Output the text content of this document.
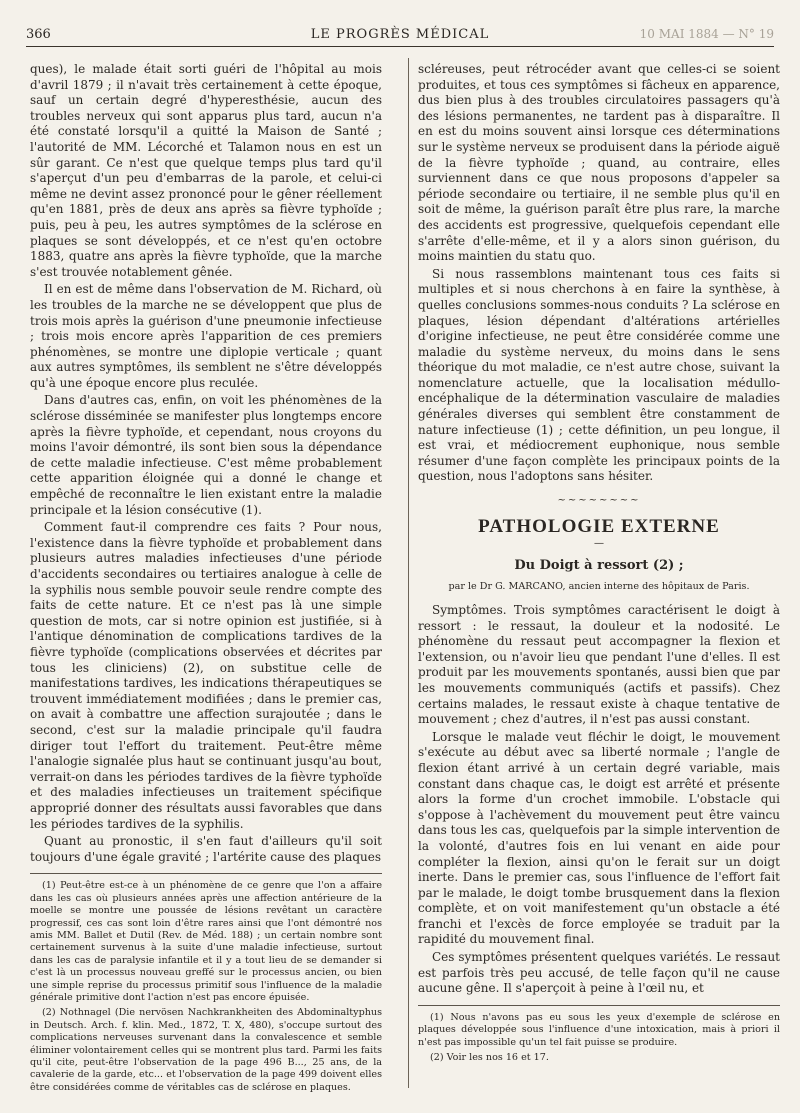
366	LE PROGRÈS MÉDICAL	10 MAI 1884 — N° 19

ques), le malade était sorti guéri de l'hôpital au mois d'avril 1879 ; il n'avait très certainement à cette époque, sauf un certain degré d'hyperesthésie, aucun des troubles nerveux qui sont apparus plus tard, aucun n'a été constaté lorsqu'il a quitté la Maison de Santé ; l'autorité de MM. Lécorché et Talamon nous en est un sûr garant. Ce n'est que quelque temps plus tard qu'il s'aperçut d'un peu d'embarras de la parole, et celui-ci même ne devint assez prononcé pour le gêner réellement qu'en 1881, près de deux ans après sa fièvre typhoïde ; puis, peu à peu, les autres symptômes de la sclérose en plaques se sont développés, et ce n'est qu'en octobre 1883, quatre ans après la fièvre typhoïde, que la marche s'est trouvée notablement gênée.

Il en est de même dans l'observation de M. Richard, où les troubles de la marche ne se développent que plus de trois mois après la guérison d'une pneumonie infectieuse ; trois mois encore après l'apparition de ces premiers phénomènes, se montre une diplopie verticale ; quant aux autres symptômes, ils semblent ne s'être développés qu'à une époque encore plus reculée.

Dans d'autres cas, enfin, on voit les phénomènes de la sclérose disséminée se manifester plus longtemps encore après la fièvre typhoïde, et cependant, nous croyons du moins l'avoir démontré, ils sont bien sous la dépendance de cette maladie infectieuse. C'est même probablement cette apparition éloignée qui a donné le change et empêché de reconnaître le lien existant entre la maladie principale et la lésion consécutive (1).

Comment faut-il comprendre ces faits ? Pour nous, l'existence dans la fièvre typhoïde et probablement dans plusieurs autres maladies infectieuses d'une période d'accidents secondaires ou tertiaires analogue à celle de la syphilis nous semble pouvoir seule rendre compte des faits de cette nature. Et ce n'est pas là une simple question de mots, car si notre opinion est justifiée, si à l'antique dénomination de complications tardives de la fièvre typhoïde (complications observées et décrites par tous les cliniciens) (2), on substitue celle de manifestations tardives, les indications thérapeutiques se trouvent immédiatement modifiées ; dans le premier cas, on avait à combattre une affection surajoutée ; dans le second, c'est sur la maladie principale qu'il faudra diriger tout l'effort du traitement. Peut-être même l'analogie signalée plus haut se continuant jusqu'au bout, verrait-on dans les périodes tardives de la fièvre typhoïde et des maladies infectieuses un traitement spécifique approprié donner des résultats aussi favorables que dans les périodes tardives de la syphilis.

Quant au pronostic, il s'en faut d'ailleurs qu'il soit toujours d'une égale gravité ; l'artérite cause des plaques

(1) Peut-être est-ce à un phénomène de ce genre que l'on a affaire dans les cas où plusieurs années après une affection antérieure de la moelle se montre une poussée de lésions revêtant un caractère progressif, ces cas sont loin d'être rares ainsi que l'ont démontré nos amis MM. Ballet et Dutil (Rev. de Méd. 188) ; un certain nombre sont certainement survenus à la suite d'une maladie infectieuse, surtout dans les cas de paralysie infantile et il y a tout lieu de se demander si c'est là un processus nouveau greffé sur le processus ancien, ou bien une simple reprise du processus primitif sous l'influence de la maladie générale primitive dont l'action n'est pas encore épuisée.

(2) Nothnagel (Die nervösen Nachkrankheiten des Abdominaltyphus in Deutsch. Arch. f. klin. Med., 1872, T. X, 480), s'occupe surtout des complications nerveuses survenant dans la convalescence et semble éliminer volontairement celles qui se montrent plus tard. Parmi les faits qu'il cite, peut-être l'observation de la page 496 B..., 25 ans, de la cavalerie de la garde, etc... et l'observation de la page 499 doivent elles être considérées comme de véritables cas de sclérose en plaques.

scléreuses, peut rétrocéder avant que celles-ci se soient produites, et tous ces symptômes si fâcheux en apparence, dus bien plus à des troubles circulatoires passagers qu'à des lésions permanentes, ne tardent pas à disparaître. Il en est du moins souvent ainsi lorsque ces déterminations sur le système nerveux se produisent dans la période aiguë de la fièvre typhoïde ; quand, au contraire, elles surviennent dans ce que nous proposons d'appeler sa période secondaire ou tertiaire, il ne semble plus qu'il en soit de même, la guérison paraît être plus rare, la marche des accidents est progressive, quelquefois cependant elle s'arrête d'elle-même, et il y a alors sinon guérison, du moins maintien du statu quo.

Si nous rassemblons maintenant tous ces faits si multiples et si nous cherchons à en faire la synthèse, à quelles conclusions sommes-nous conduits ? La sclérose en plaques, lésion dépendant d'altérations artérielles d'origine infectieuse, ne peut être considérée comme une maladie du système nerveux, du moins dans le sens théorique du mot maladie, ce n'est autre chose, suivant la nomenclature actuelle, que la localisation médullo-encéphalique de la détermination vasculaire de maladies générales diverses qui semblent être constamment de nature infectieuse (1) ; cette définition, un peu longue, il est vrai, et médiocrement euphonique, nous semble résumer d'une façon complète les principaux points de la question, nous l'adoptons sans hésiter.

~~~~~~~~
PATHOLOGIE EXTERNE
—
Du Doigt à ressort (2) ;
par le Dr G. MARCANO, ancien interne des hôpitaux de Paris.

Symptômes. Trois symptômes caractérisent le doigt à ressort : le ressaut, la douleur et la nodosité. Le phénomène du ressaut peut accompagner la flexion et l'extension, ou n'avoir lieu que pendant l'une d'elles. Il est produit par les mouvements spontanés, aussi bien que par les mouvements communiqués (actifs et passifs). Chez certains malades, le ressaut existe à chaque tentative de mouvement ; chez d'autres, il n'est pas aussi constant.

Lorsque le malade veut fléchir le doigt, le mouvement s'exécute au début avec sa liberté normale ; l'angle de flexion étant arrivé à un certain degré variable, mais constant dans chaque cas, le doigt est arrêté et présente alors la forme d'un crochet immobile. L'obstacle qui s'oppose à l'achèvement du mouvement peut être vaincu dans tous les cas, quelquefois par la simple intervention de la volonté, d'autres fois en lui venant en aide pour compléter la flexion, ainsi qu'on le ferait sur un doigt inerte. Dans le premier cas, sous l'influence de l'effort fait par le malade, le doigt tombe brusquement dans la flexion complète, et on voit manifestement qu'un obstacle a été franchi et l'excès de force employée se traduit par la rapidité du mouvement final.

Ces symptômes présentent quelques variétés. Le ressaut est parfois très peu accusé, de telle façon qu'il ne cause aucune gêne. Il s'aperçoit à peine à l'œil nu, et

(1) Nous n'avons pas eu sous les yeux d'exemple de sclérose en plaques développée sous l'influence d'une intoxication, mais à priori il n'est pas impossible qu'un tel fait puisse se produire.

(2) Voir les nos 16 et 17.
